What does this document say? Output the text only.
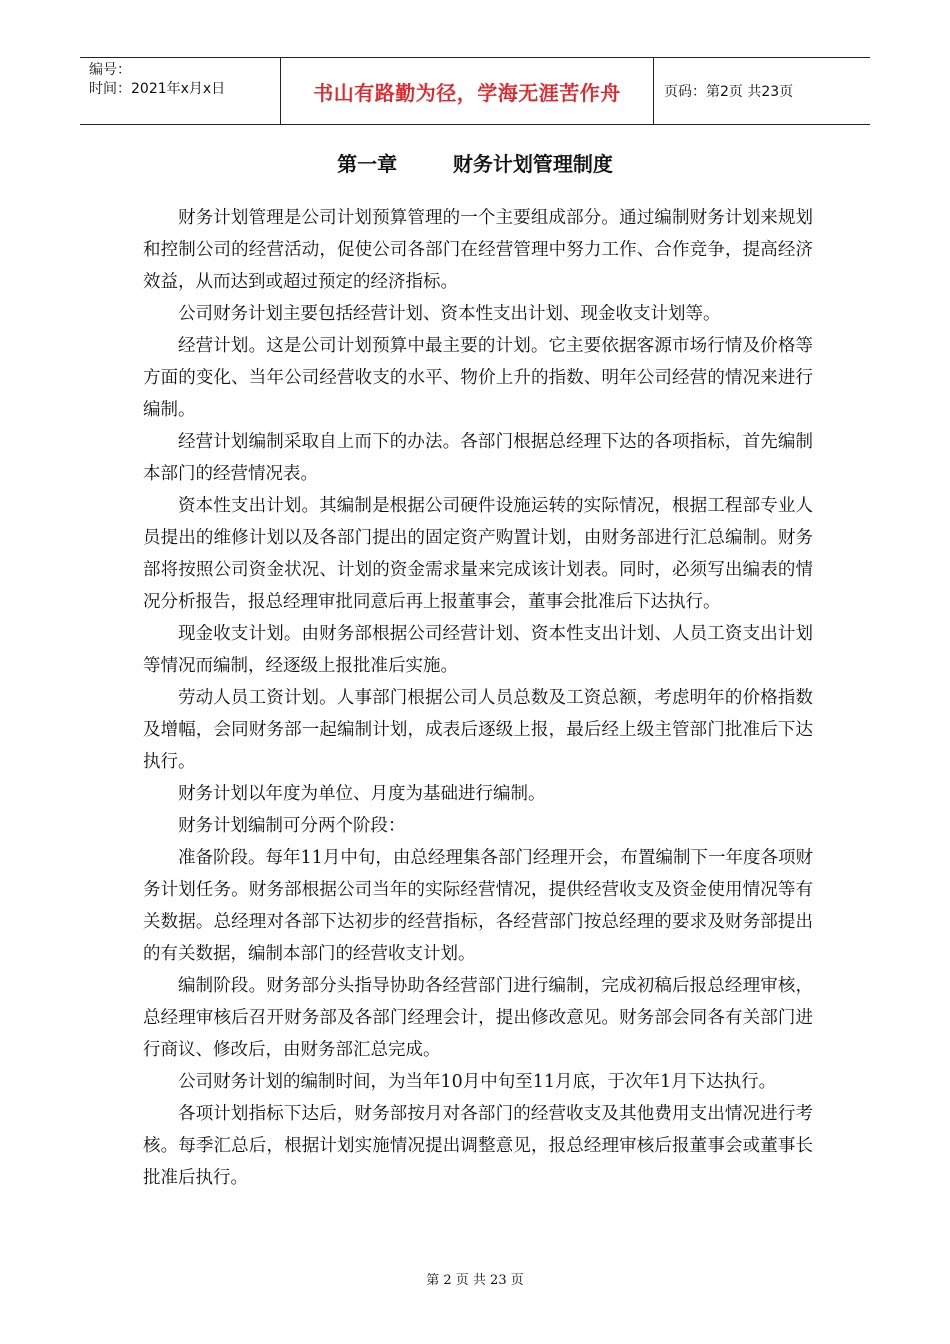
编号：
时间：2021年x月x日	书山有路勤为径，学海无涯苦作舟	页码：第2页 共23页
第一章        财务计划管理制度

财务计划管理是公司计划预算管理的一个主要组成部分。通过编制财务计划来规划和控制公司的经营活动，促使公司各部门在经营管理中努力工作、合作竞争，提高经济效益，从而达到或超过预定的经济指标。

公司财务计划主要包括经营计划、资本性支出计划、现金收支计划等。

经营计划。这是公司计划预算中最主要的计划。它主要依据客源市场行情及价格等方面的变化、当年公司经营收支的水平、物价上升的指数、明年公司经营的情况来进行编制。

经营计划编制采取自上而下的办法。各部门根据总经理下达的各项指标，首先编制本部门的经营情况表。

资本性支出计划。其编制是根据公司硬件设施运转的实际情况，根据工程部专业人员提出的维修计划以及各部门提出的固定资产购置计划，由财务部进行汇总编制。财务部将按照公司资金状况、计划的资金需求量来完成该计划表。同时，必须写出编表的情况分析报告，报总经理审批同意后再上报董事会，董事会批准后下达执行。

现金收支计划。由财务部根据公司经营计划、资本性支出计划、人员工资支出计划等情况而编制，经逐级上报批准后实施。

劳动人员工资计划。人事部门根据公司人员总数及工资总额，考虑明年的价格指数及增幅，会同财务部一起编制计划，成表后逐级上报，最后经上级主管部门批准后下达执行。

财务计划以年度为单位、月度为基础进行编制。

财务计划编制可分两个阶段：

准备阶段。每年11月中旬，由总经理集各部门经理开会，布置编制下一年度各项财务计划任务。财务部根据公司当年的实际经营情况，提供经营收支及资金使用情况等有关数据。总经理对各部下达初步的经营指标，各经营部门按总经理的要求及财务部提出的有关数据，编制本部门的经营收支计划。

编制阶段。财务部分头指导协助各经营部门进行编制，完成初稿后报总经理审核，总经理审核后召开财务部及各部门经理会计，提出修改意见。财务部会同各有关部门进行商议、修改后，由财务部汇总完成。

公司财务计划的编制时间，为当年10月中旬至11月底，于次年1月下达执行。

各项计划指标下达后，财务部按月对各部门的经营收支及其他费用支出情况进行考核。每季汇总后，根据计划实施情况提出调整意见，报总经理审核后报董事会或董事长批准后执行。

第 2 页 共 23 页
